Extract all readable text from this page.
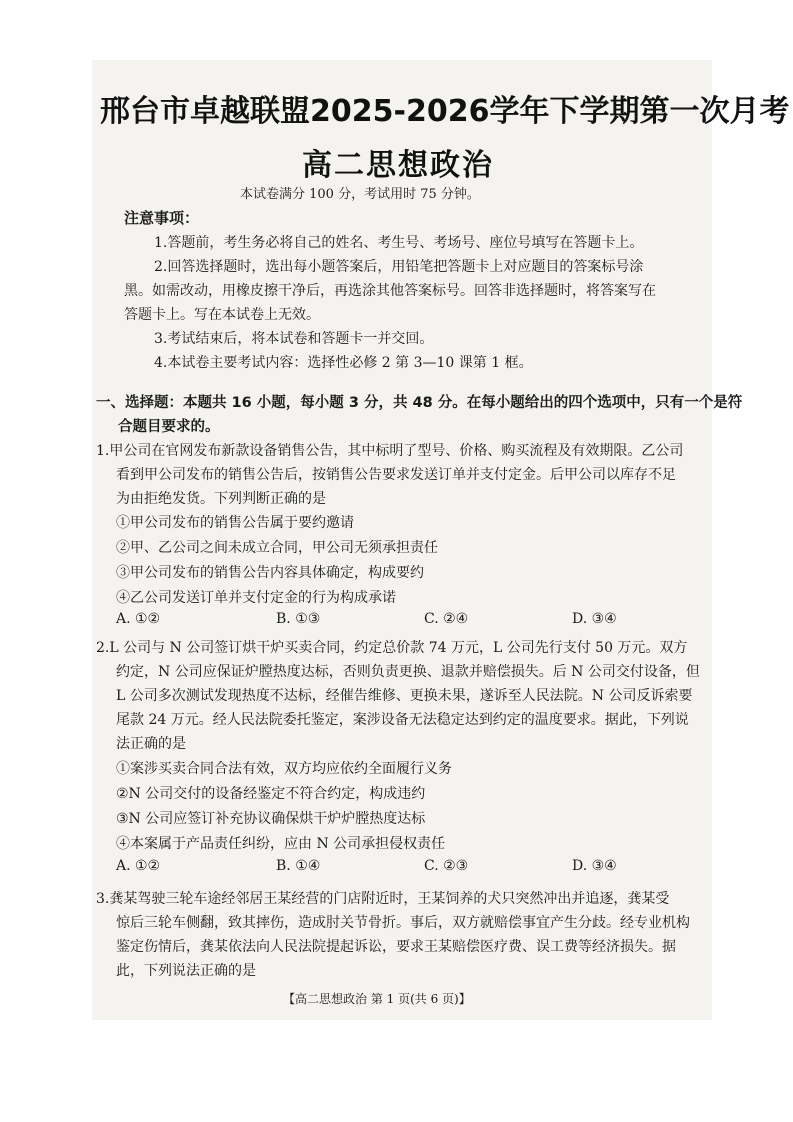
邢台市卓越联盟2025-2026学年下学期第一次月考
高二思想政治
本试卷满分 100 分，考试用时 75 分钟。
注意事项：
1.答题前，考生务必将自己的姓名、考生号、考场号、座位号填写在答题卡上。
2.回答选择题时，选出每小题答案后，用铅笔把答题卡上对应题目的答案标号涂
黑。如需改动，用橡皮擦干净后，再选涂其他答案标号。回答非选择题时，将答案写在
答题卡上。写在本试卷上无效。
3.考试结束后，将本试卷和答题卡一并交回。
4.本试卷主要考试内容：选择性必修 2 第 3—10 课第 1 框。
一、选择题：本题共 16 小题，每小题 3 分，共 48 分。在每小题给出的四个选项中，只有一个是符
合题目要求的。
1.甲公司在官网发布新款设备销售公告，其中标明了型号、价格、购买流程及有效期限。乙公司
看到甲公司发布的销售公告后，按销售公告要求发送订单并支付定金。后甲公司以库存不足
为由拒绝发货。下列判断正确的是
①甲公司发布的销售公告属于要约邀请
②甲、乙公司之间未成立合同，甲公司无须承担责任
③甲公司发布的销售公告内容具体确定，构成要约
④乙公司发送订单并支付定金的行为构成承诺
A. ①②	B. ①③	C. ②④	D. ③④
2.L 公司与 N 公司签订烘干炉买卖合同，约定总价款 74 万元，L 公司先行支付 50 万元。双方
约定，N 公司应保证炉膛热度达标，否则负责更换、退款并赔偿损失。后 N 公司交付设备，但
L 公司多次测试发现热度不达标，经催告维修、更换未果，遂诉至人民法院。N 公司反诉索要
尾款 24 万元。经人民法院委托鉴定，案涉设备无法稳定达到约定的温度要求。据此，下列说
法正确的是
①案涉买卖合同合法有效，双方均应依约全面履行义务
②N 公司交付的设备经鉴定不符合约定，构成违约
③N 公司应签订补充协议确保烘干炉炉膛热度达标
④本案属于产品责任纠纷，应由 N 公司承担侵权责任
A. ①②	B. ①④	C. ②③	D. ③④
3.龚某驾驶三轮车途经邻居王某经营的门店附近时，王某饲养的犬只突然冲出并追逐，龚某受
惊后三轮车侧翻，致其摔伤，造成肘关节骨折。事后，双方就赔偿事宜产生分歧。经专业机构
鉴定伤情后，龚某依法向人民法院提起诉讼，要求王某赔偿医疗费、误工费等经济损失。据
此，下列说法正确的是
【高二思想政治 第 1 页(共 6 页)】
